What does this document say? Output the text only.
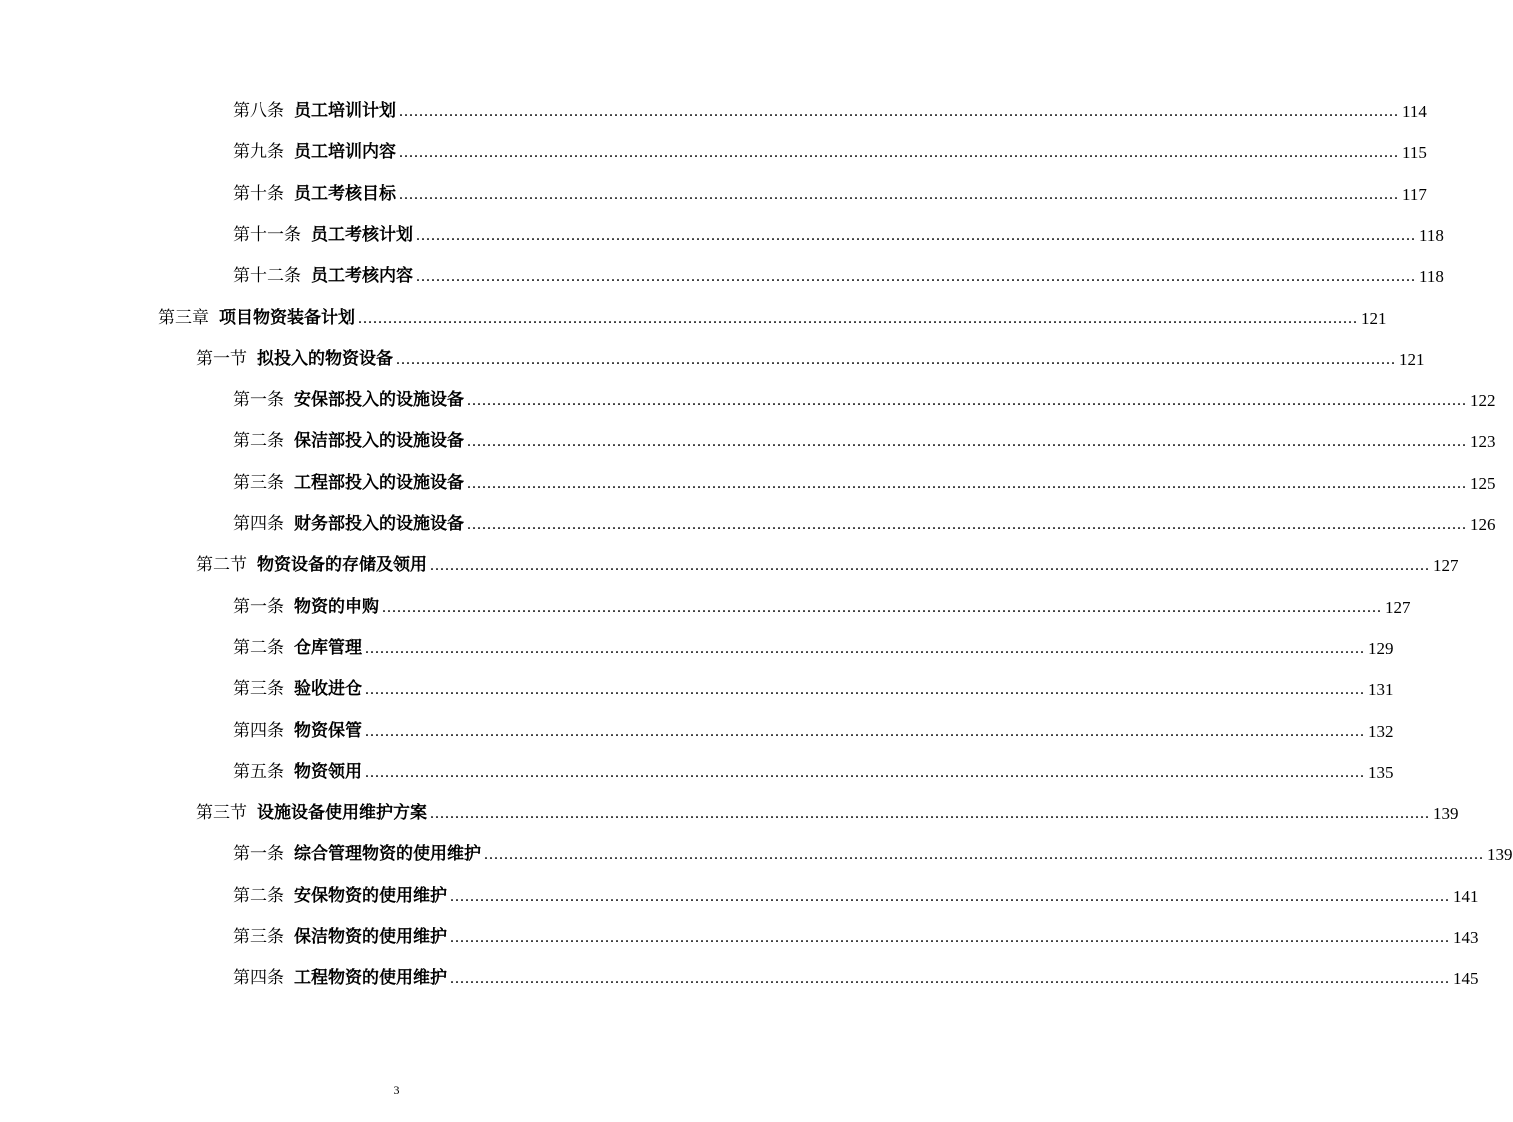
第八条 员工培训计划 ........................................................................................................................................................................................................ 114
第九条 员工培训内容 ........................................................................................................................................................................................................ 115
第十条 员工考核目标 ........................................................................................................................................................................................................ 117
第十一条 员工考核计划 ........................................................................................................................................................................................................ 118
第十二条 员工考核内容 ........................................................................................................................................................................................................ 118
第三章 项目物资装备计划 ........................................................................................................................................................................................................ 121
第一节 拟投入的物资设备 ........................................................................................................................................................................................................ 121
第一条 安保部投入的设施设备 ........................................................................................................................................................................................................ 122
第二条 保洁部投入的设施设备 ........................................................................................................................................................................................................ 123
第三条 工程部投入的设施设备 ........................................................................................................................................................................................................ 125
第四条 财务部投入的设施设备 ........................................................................................................................................................................................................ 126
第二节 物资设备的存储及领用 ........................................................................................................................................................................................................ 127
第一条 物资的申购 ........................................................................................................................................................................................................ 127
第二条 仓库管理 ........................................................................................................................................................................................................ 129
第三条 验收进仓 ........................................................................................................................................................................................................ 131
第四条 物资保管 ........................................................................................................................................................................................................ 132
第五条 物资领用 ........................................................................................................................................................................................................ 135
第三节 设施设备使用维护方案 ........................................................................................................................................................................................................ 139
第一条 综合管理物资的使用维护 ........................................................................................................................................................................................................ 139
第二条 安保物资的使用维护 ........................................................................................................................................................................................................ 141
第三条 保洁物资的使用维护 ........................................................................................................................................................................................................ 143
第四条 工程物资的使用维护 ........................................................................................................................................................................................................ 145
3
